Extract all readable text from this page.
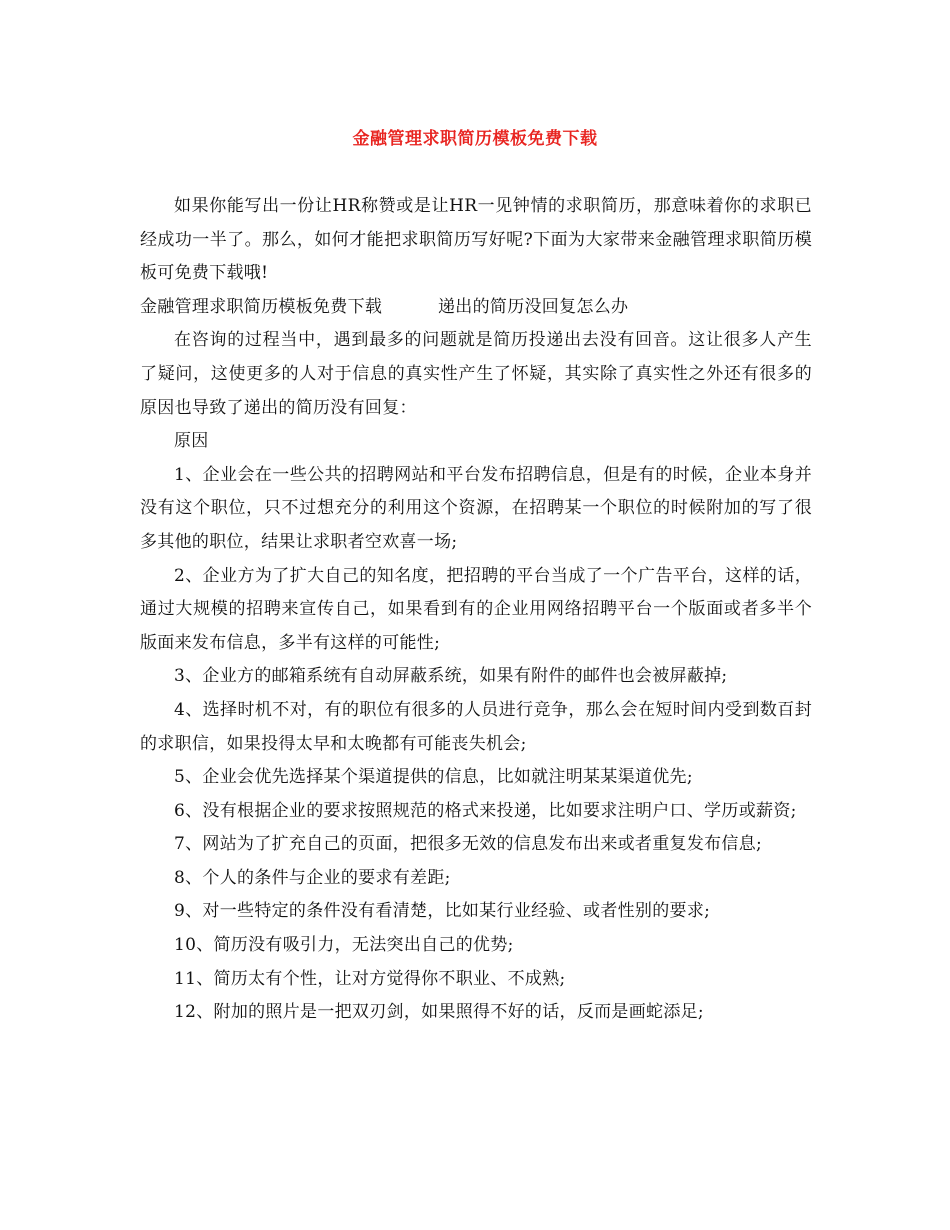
金融管理求职简历模板免费下载

如果你能写出一份让HR称赞或是让HR一见钟情的求职简历，那意味着你的求职已经成功一半了。那么，如何才能把求职简历写好呢?下面为大家带来金融管理求职简历模板可免费下载哦!

金融管理求职简历模板免费下载	递出的简历没回复怎么办

在咨询的过程当中，遇到最多的问题就是简历投递出去没有回音。这让很多人产生了疑问，这使更多的人对于信息的真实性产生了怀疑，其实除了真实性之外还有很多的原因也导致了递出的简历没有回复：

原因

1、企业会在一些公共的招聘网站和平台发布招聘信息，但是有的时候，企业本身并没有这个职位，只不过想充分的利用这个资源，在招聘某一个职位的时候附加的写了很多其他的职位，结果让求职者空欢喜一场;

2、企业方为了扩大自己的知名度，把招聘的平台当成了一个广告平台，这样的话，通过大规模的招聘来宣传自己，如果看到有的企业用网络招聘平台一个版面或者多半个版面来发布信息，多半有这样的可能性;

3、企业方的邮箱系统有自动屏蔽系统，如果有附件的邮件也会被屏蔽掉;

4、选择时机不对，有的职位有很多的人员进行竞争，那么会在短时间内受到数百封的求职信，如果投得太早和太晚都有可能丧失机会;

5、企业会优先选择某个渠道提供的信息，比如就注明某某渠道优先;

6、没有根据企业的要求按照规范的格式来投递，比如要求注明户口、学历或薪资;

7、网站为了扩充自己的页面，把很多无效的信息发布出来或者重复发布信息;

8、个人的条件与企业的要求有差距;

9、对一些特定的条件没有看清楚，比如某行业经验、或者性别的要求;

10、简历没有吸引力，无法突出自己的优势;

11、简历太有个性，让对方觉得你不职业、不成熟;

12、附加的照片是一把双刃剑，如果照得不好的话，反而是画蛇添足;
